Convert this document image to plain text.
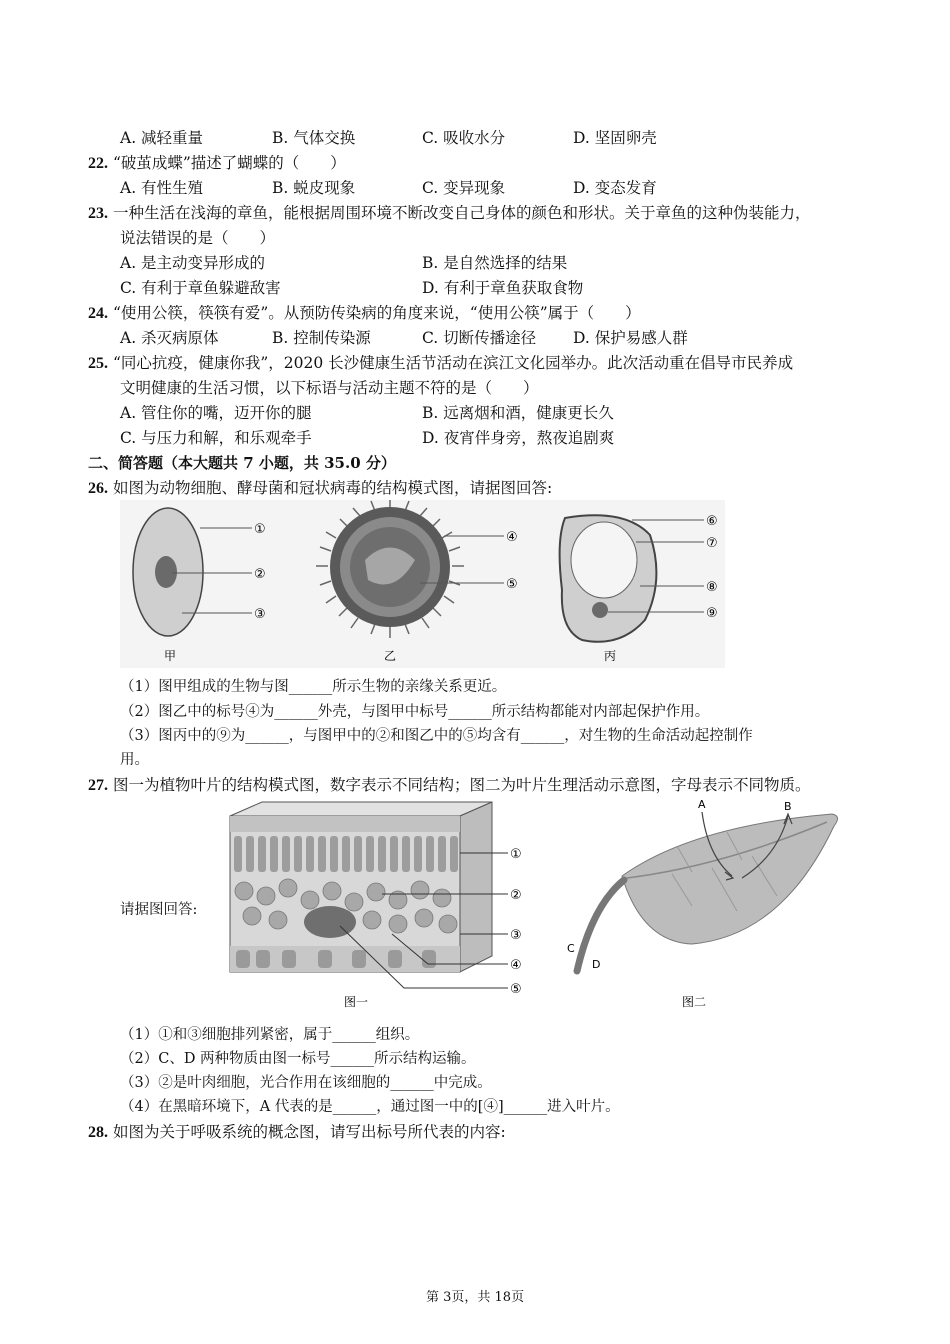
A. 减轻重量	B. 气体交换	C. 吸收水分	D. 坚固卵壳
22. “破茧成蝶”描述了蝴蝶的（　　）
A. 有性生殖	B. 蜕皮现象	C. 变异现象	D. 变态发育
23. 一种生活在浅海的章鱼，能根据周围环境不断改变自己身体的颜色和形状。关于章鱼的这种伪装能力，
说法错误的是（　　）
A. 是主动变异形成的	B. 是自然选择的结果
C. 有利于章鱼躲避敌害	D. 有利于章鱼获取食物
24. “使用公筷，筷筷有爱”。从预防传染病的角度来说，“使用公筷”属于（　　）
A. 杀灭病原体	B. 控制传染源	C. 切断传播途径 D. 保护易感人群
25. “同心抗疫，健康你我”，2020 长沙健康生活节活动在滨江文化园举办。此次活动重在倡导市民养成
文明健康的生活习惯，以下标语与活动主题不符的是（　　）
A. 管住你的嘴，迈开你的腿	B. 远离烟和酒，健康更长久
C. 与压力和解，和乐观牵手	D. 夜宵伴身旁，熬夜追剧爽
二、简答题（本大题共 7 小题，共 35.0 分）
26. 如图为动物细胞、酵母菌和冠状病毒的结构模式图，请据图回答:
①
②
③
甲
④
⑤
乙
⑥
⑦
⑧
⑨
丙
（1）图甲组成的生物与图______所示生物的亲缘关系更近。
（2）图乙中的标号④为______外壳，与图甲中标号______所示结构都能对内部起保护作用。
（3）图丙中的⑨为______，与图甲中的②和图乙中的⑤均含有______，对生物的生命活动起控制作
用。
27. 图一为植物叶片的结构模式图，数字表示不同结构；图二为叶片生理活动示意图，字母表示不同物质。
请据图回答:
①
②
③
④
⑤
图一
A	B
C
D
图二
（1）①和③细胞排列紧密，属于______组织。
（2）C、D 两种物质由图一标号______所示结构运输。
（3）②是叶肉细胞，光合作用在该细胞的______中完成。
（4）在黑暗环境下，A 代表的是______，通过图一中的[④]______进入叶片。
28. 如图为关于呼吸系统的概念图，请写出标号所代表的内容:
第 3页，共 18页
